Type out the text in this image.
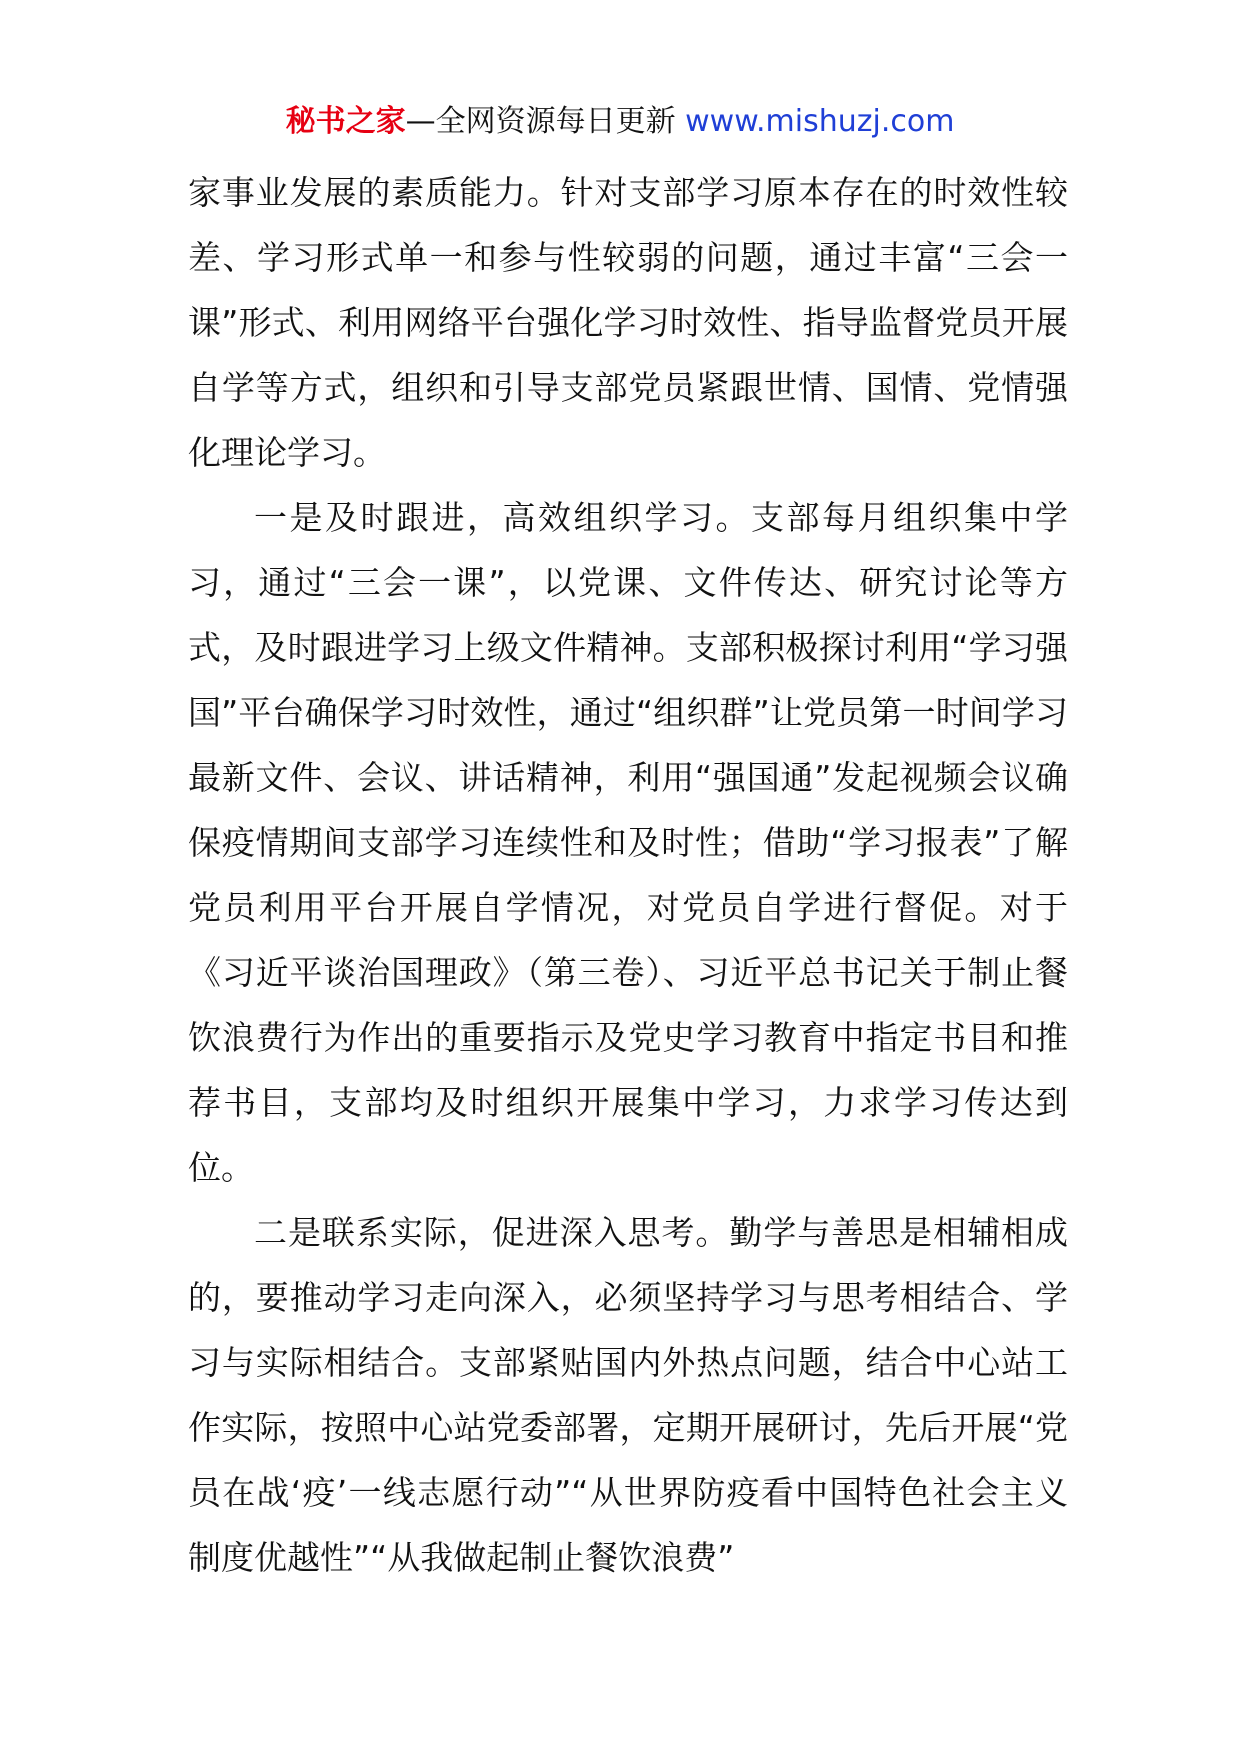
秘书之家—全网资源每日更新 www.mishuzj.com

家事业发展的素质能力。针对支部学习原本存在的时效性较差、学习形式单一和参与性较弱的问题，通过丰富“三会一课”形式、利用网络平台强化学习时效性、指导监督党员开展自学等方式，组织和引导支部党员紧跟世情、国情、党情强化理论学习。

一是及时跟进，高效组织学习。支部每月组织集中学习，通过“三会一课”，以党课、文件传达、研究讨论等方式，及时跟进学习上级文件精神。支部积极探讨利用“学习强国”平台确保学习时效性，通过“组织群”让党员第一时间学习最新文件、会议、讲话精神，利用“强国通”发起视频会议确保疫情期间支部学习连续性和及时性；借助“学习报表”了解党员利用平台开展自学情况，对党员自学进行督促。对于《习近平谈治国理政》（第三卷）、习近平总书记关于制止餐饮浪费行为作出的重要指示及党史学习教育中指定书目和推荐书目，支部均及时组织开展集中学习，力求学习传达到位。

二是联系实际，促进深入思考。勤学与善思是相辅相成的，要推动学习走向深入，必须坚持学习与思考相结合、学习与实际相结合。支部紧贴国内外热点问题，结合中心站工作实际，按照中心站党委部署，定期开展研讨，先后开展“党员在战‘疫’一线志愿行动”“从世界防疫看中国特色社会主义制度优越性”“从我做起制止餐饮浪费”
